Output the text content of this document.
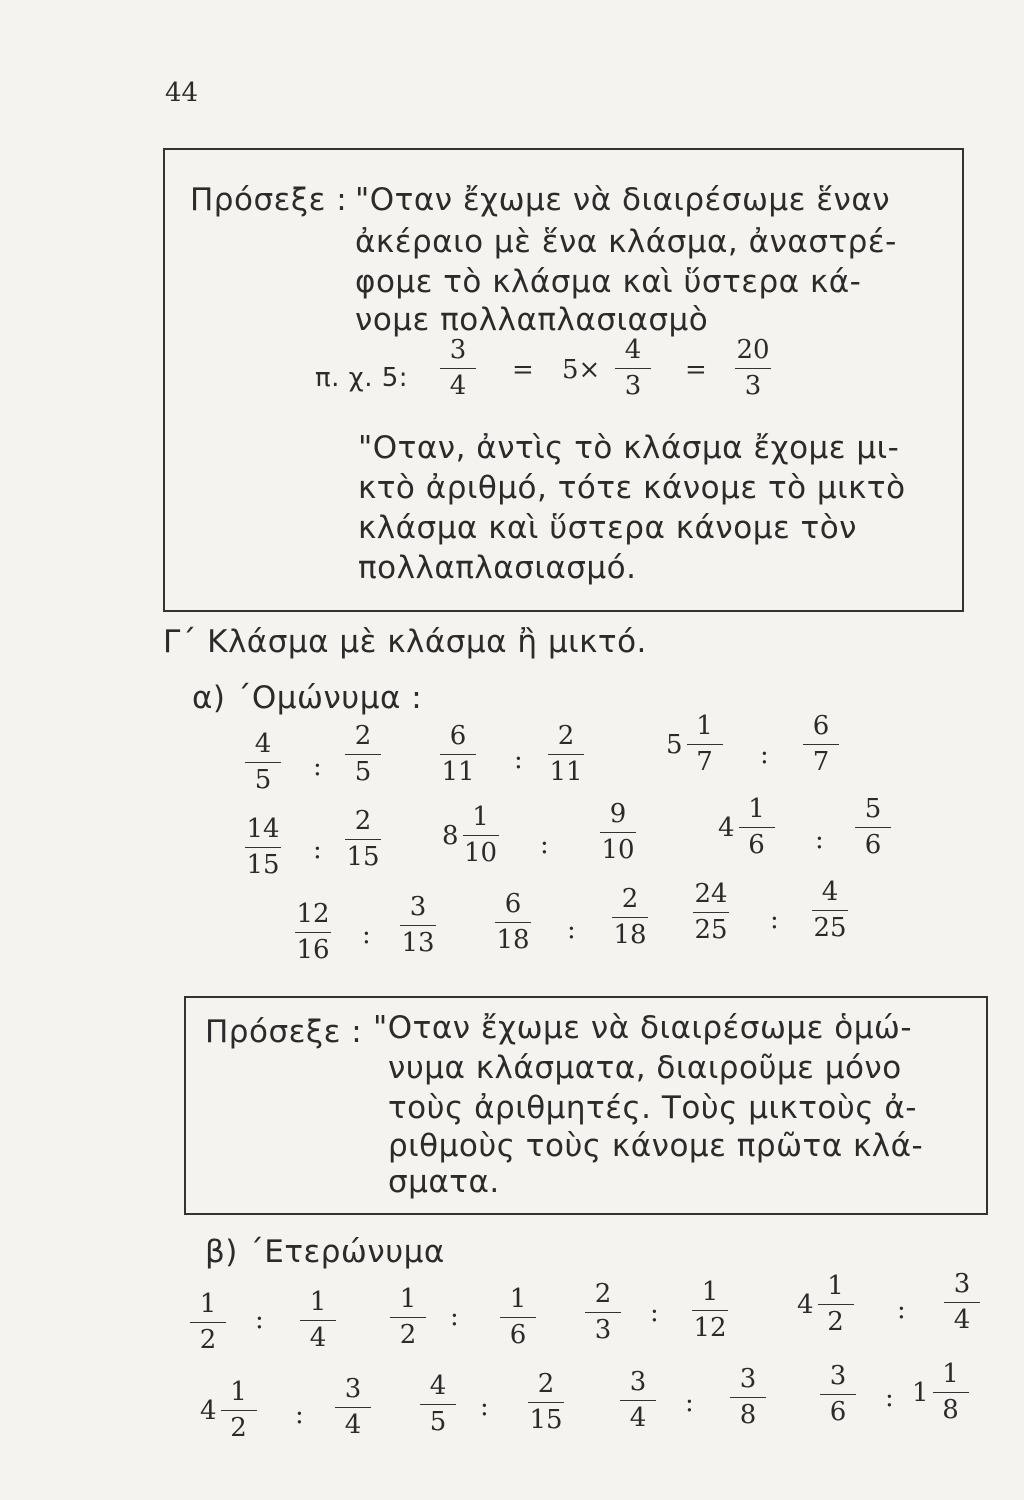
44
Πρόσεξε : "Οταν ἔχωμε νὰ διαιρέσωμε ἕναν
ἀκέραιο μὲ ἕνα κλάσμα, ἀναστρέ-
φομε τὸ κλάσμα καὶ ὕστερα κά-
νομε πολλαπλασιασμὸ
π. χ. 5:
3
4
= 5×
4
3
=
20
3
"Οταν, ἀντὶς τὸ κλάσμα ἔχομε μι-
κτὸ ἀριθμό, τότε κάνομε τὸ μικτὸ
κλάσμα καὶ ὕστερα κάνομε τὸν
πολλαπλασιασμό.
Γ΄ Κλάσμα μὲ κλάσμα ἢ μικτό.
α) ΄Ομώνυμα :
4
5 :
2
5
6
11 :
2
11
$5 \frac{1}{7}$ :
6
7
14
15 :
2
15
$8 \frac{1}{10}$ :
9
10
$4 \frac{1}{6}$ :
5
6
12
16 :
3
13
6
18 :
2
18
24
25 :
4
25
Πρόσεξε : "Οταν ἔχωμε νὰ διαιρέσωμε ὁμώ-
νυμα κλάσματα, διαιροῦμε μόνο
τοὺς ἀριθμητές. Τοὺς μικτοὺς ἀ-
ριθμοὺς τοὺς κάνομε πρῶτα κλά-
σματα.
β) ΄Ετερώνυμα
1
2
:
1
4
1
2
:
1
6
2
3
:
1
12
$4 \frac{1}{2}$ :
3
4
$4 \frac{1}{2}$ :
3
4
4
5 :
2
15
3
4 :
3
8
3
6 : $1 \frac{1}{8}$
